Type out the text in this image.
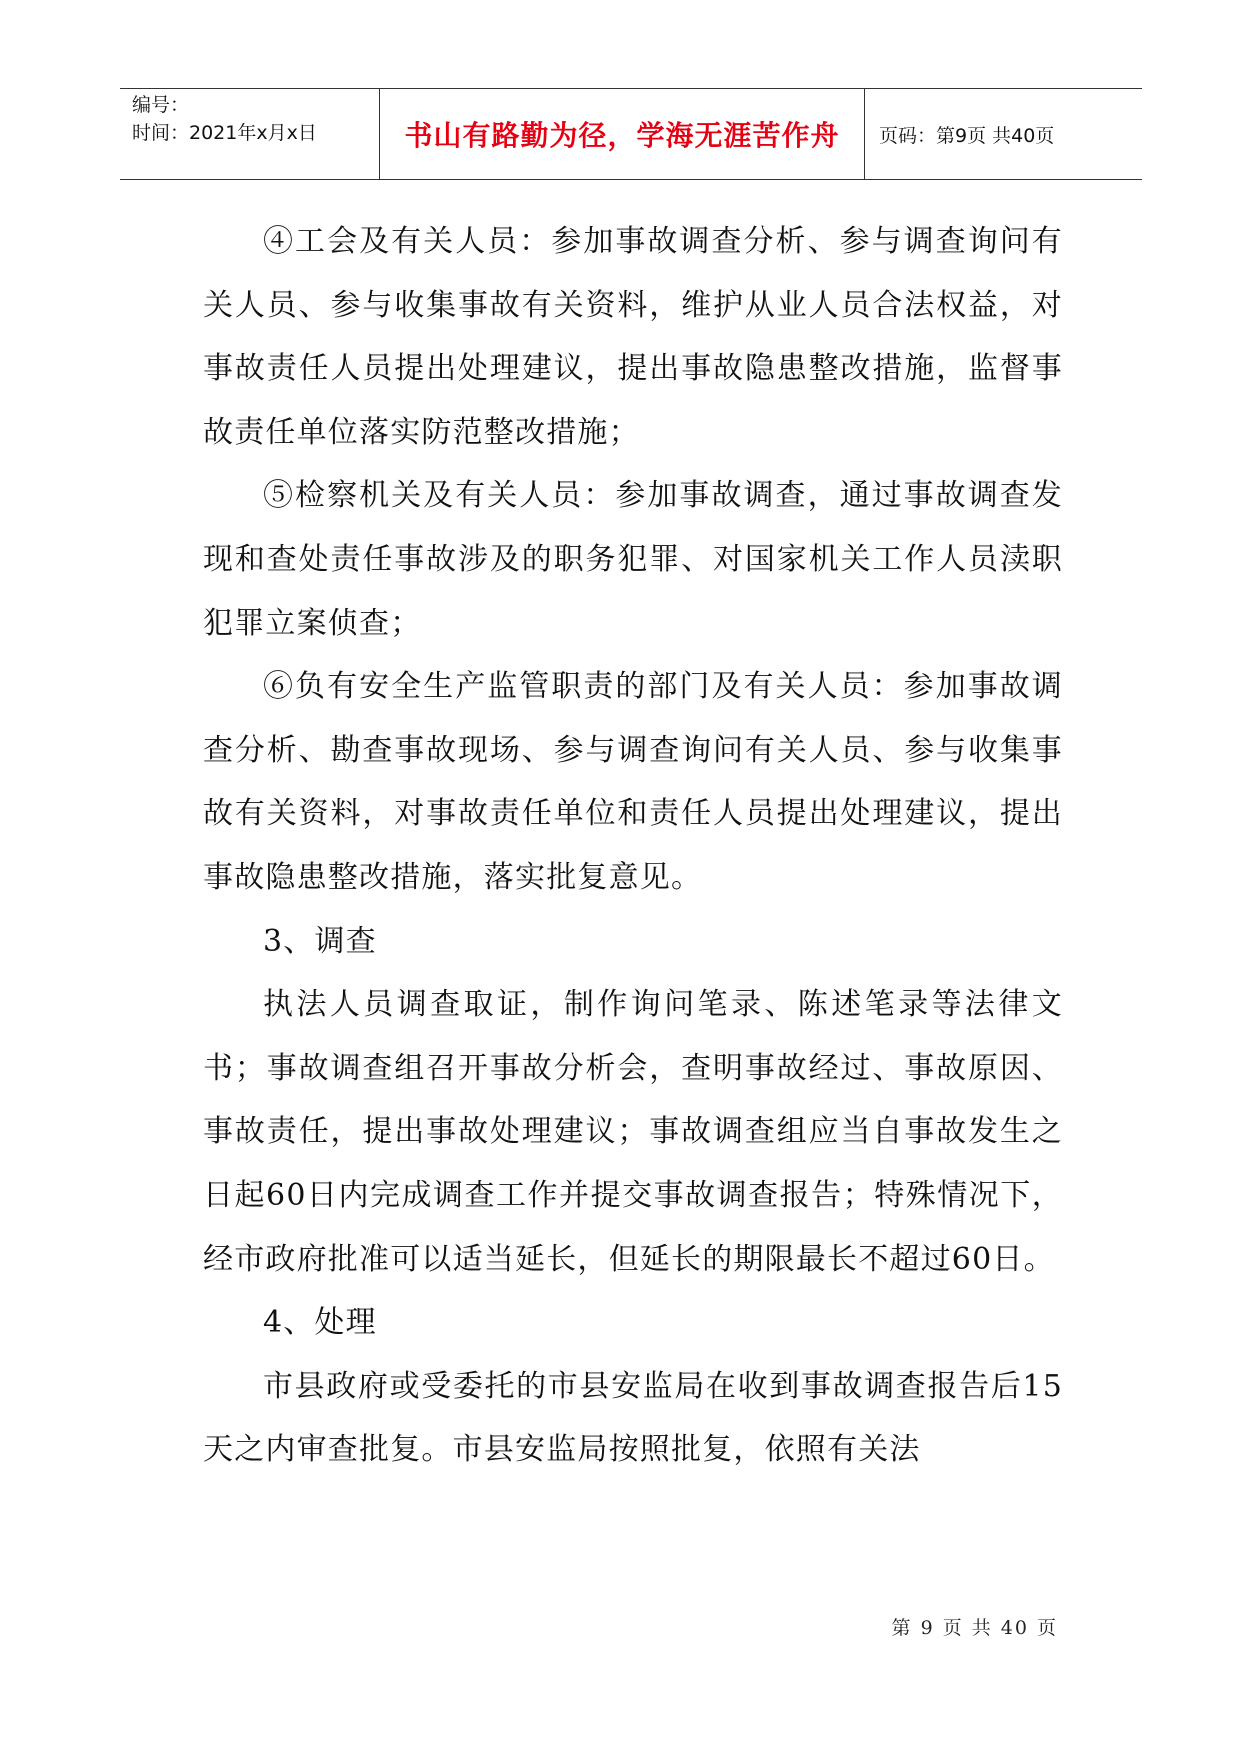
编号：
时间：2021年x月x日	书山有路勤为径，学海无涯苦作舟 页码：第9页 共40页

④工会及有关人员：参加事故调查分析、参与调查询问有关人员、参与收集事故有关资料，维护从业人员合法权益，对事故责任人员提出处理建议，提出事故隐患整改措施，监督事故责任单位落实防范整改措施；

⑤检察机关及有关人员：参加事故调查，通过事故调查发现和查处责任事故涉及的职务犯罪、对国家机关工作人员渎职犯罪立案侦查；

⑥负有安全生产监管职责的部门及有关人员：参加事故调查分析、勘查事故现场、参与调查询问有关人员、参与收集事故有关资料，对事故责任单位和责任人员提出处理建议，提出事故隐患整改措施，落实批复意见。

3、调查

执法人员调查取证，制作询问笔录、陈述笔录等法律文书；事故调查组召开事故分析会，查明事故经过、事故原因、事故责任，提出事故处理建议；事故调查组应当自事故发生之日起60日内完成调查工作并提交事故调查报告；特殊情况下，经市政府批准可以适当延长，但延长的期限最长不超过60日。

4、处理

市县政府或受委托的市县安监局在收到事故调查报告后15天之内审查批复。市县安监局按照批复，依照有关法

第 9 页 共 40 页
